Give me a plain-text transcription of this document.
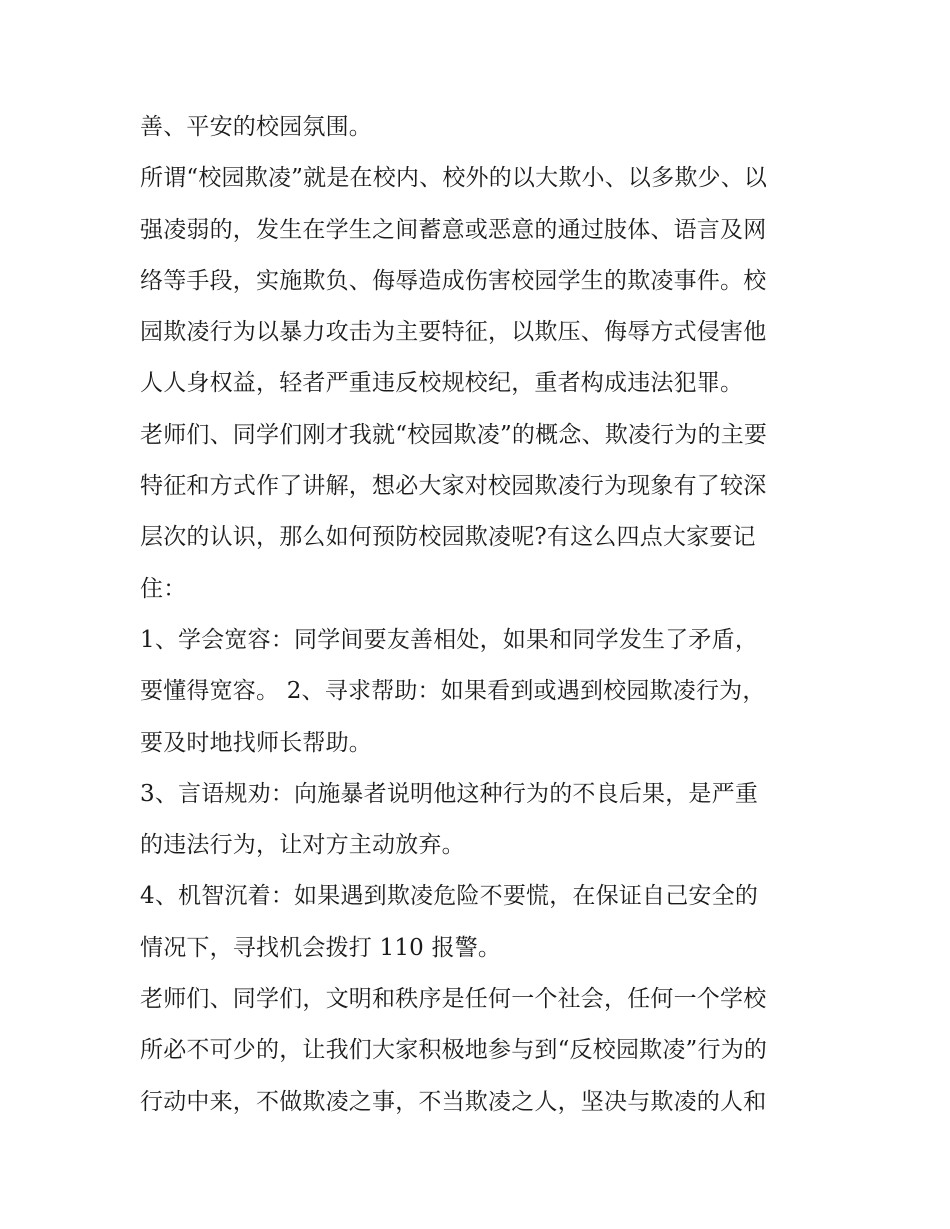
善、平安的校园氛围。
所谓“校园欺凌”就是在校内、校外的以大欺小、以多欺少、以
强凌弱的，发生在学生之间蓄意或恶意的通过肢体、语言及网
络等手段，实施欺负、侮辱造成伤害校园学生的欺凌事件。校
园欺凌行为以暴力攻击为主要特征，以欺压、侮辱方式侵害他
人人身权益，轻者严重违反校规校纪，重者构成违法犯罪。
老师们、同学们刚才我就“校园欺凌”的概念、欺凌行为的主要
特征和方式作了讲解，想必大家对校园欺凌行为现象有了较深
层次的认识，那么如何预防校园欺凌呢?有这么四点大家要记
住：
1、学会宽容：同学间要友善相处，如果和同学发生了矛盾，
要懂得宽容。 2、寻求帮助：如果看到或遇到校园欺凌行为，
要及时地找师长帮助。
3、言语规劝：向施暴者说明他这种行为的不良后果，是严重
的违法行为，让对方主动放弃。
4、机智沉着：如果遇到欺凌危险不要慌，在保证自己安全的
情况下，寻找机会拨打 110 报警。
老师们、同学们，文明和秩序是任何一个社会，任何一个学校
所必不可少的，让我们大家积极地参与到“反校园欺凌”行为的
行动中来，不做欺凌之事，不当欺凌之人，坚决与欺凌的人和
